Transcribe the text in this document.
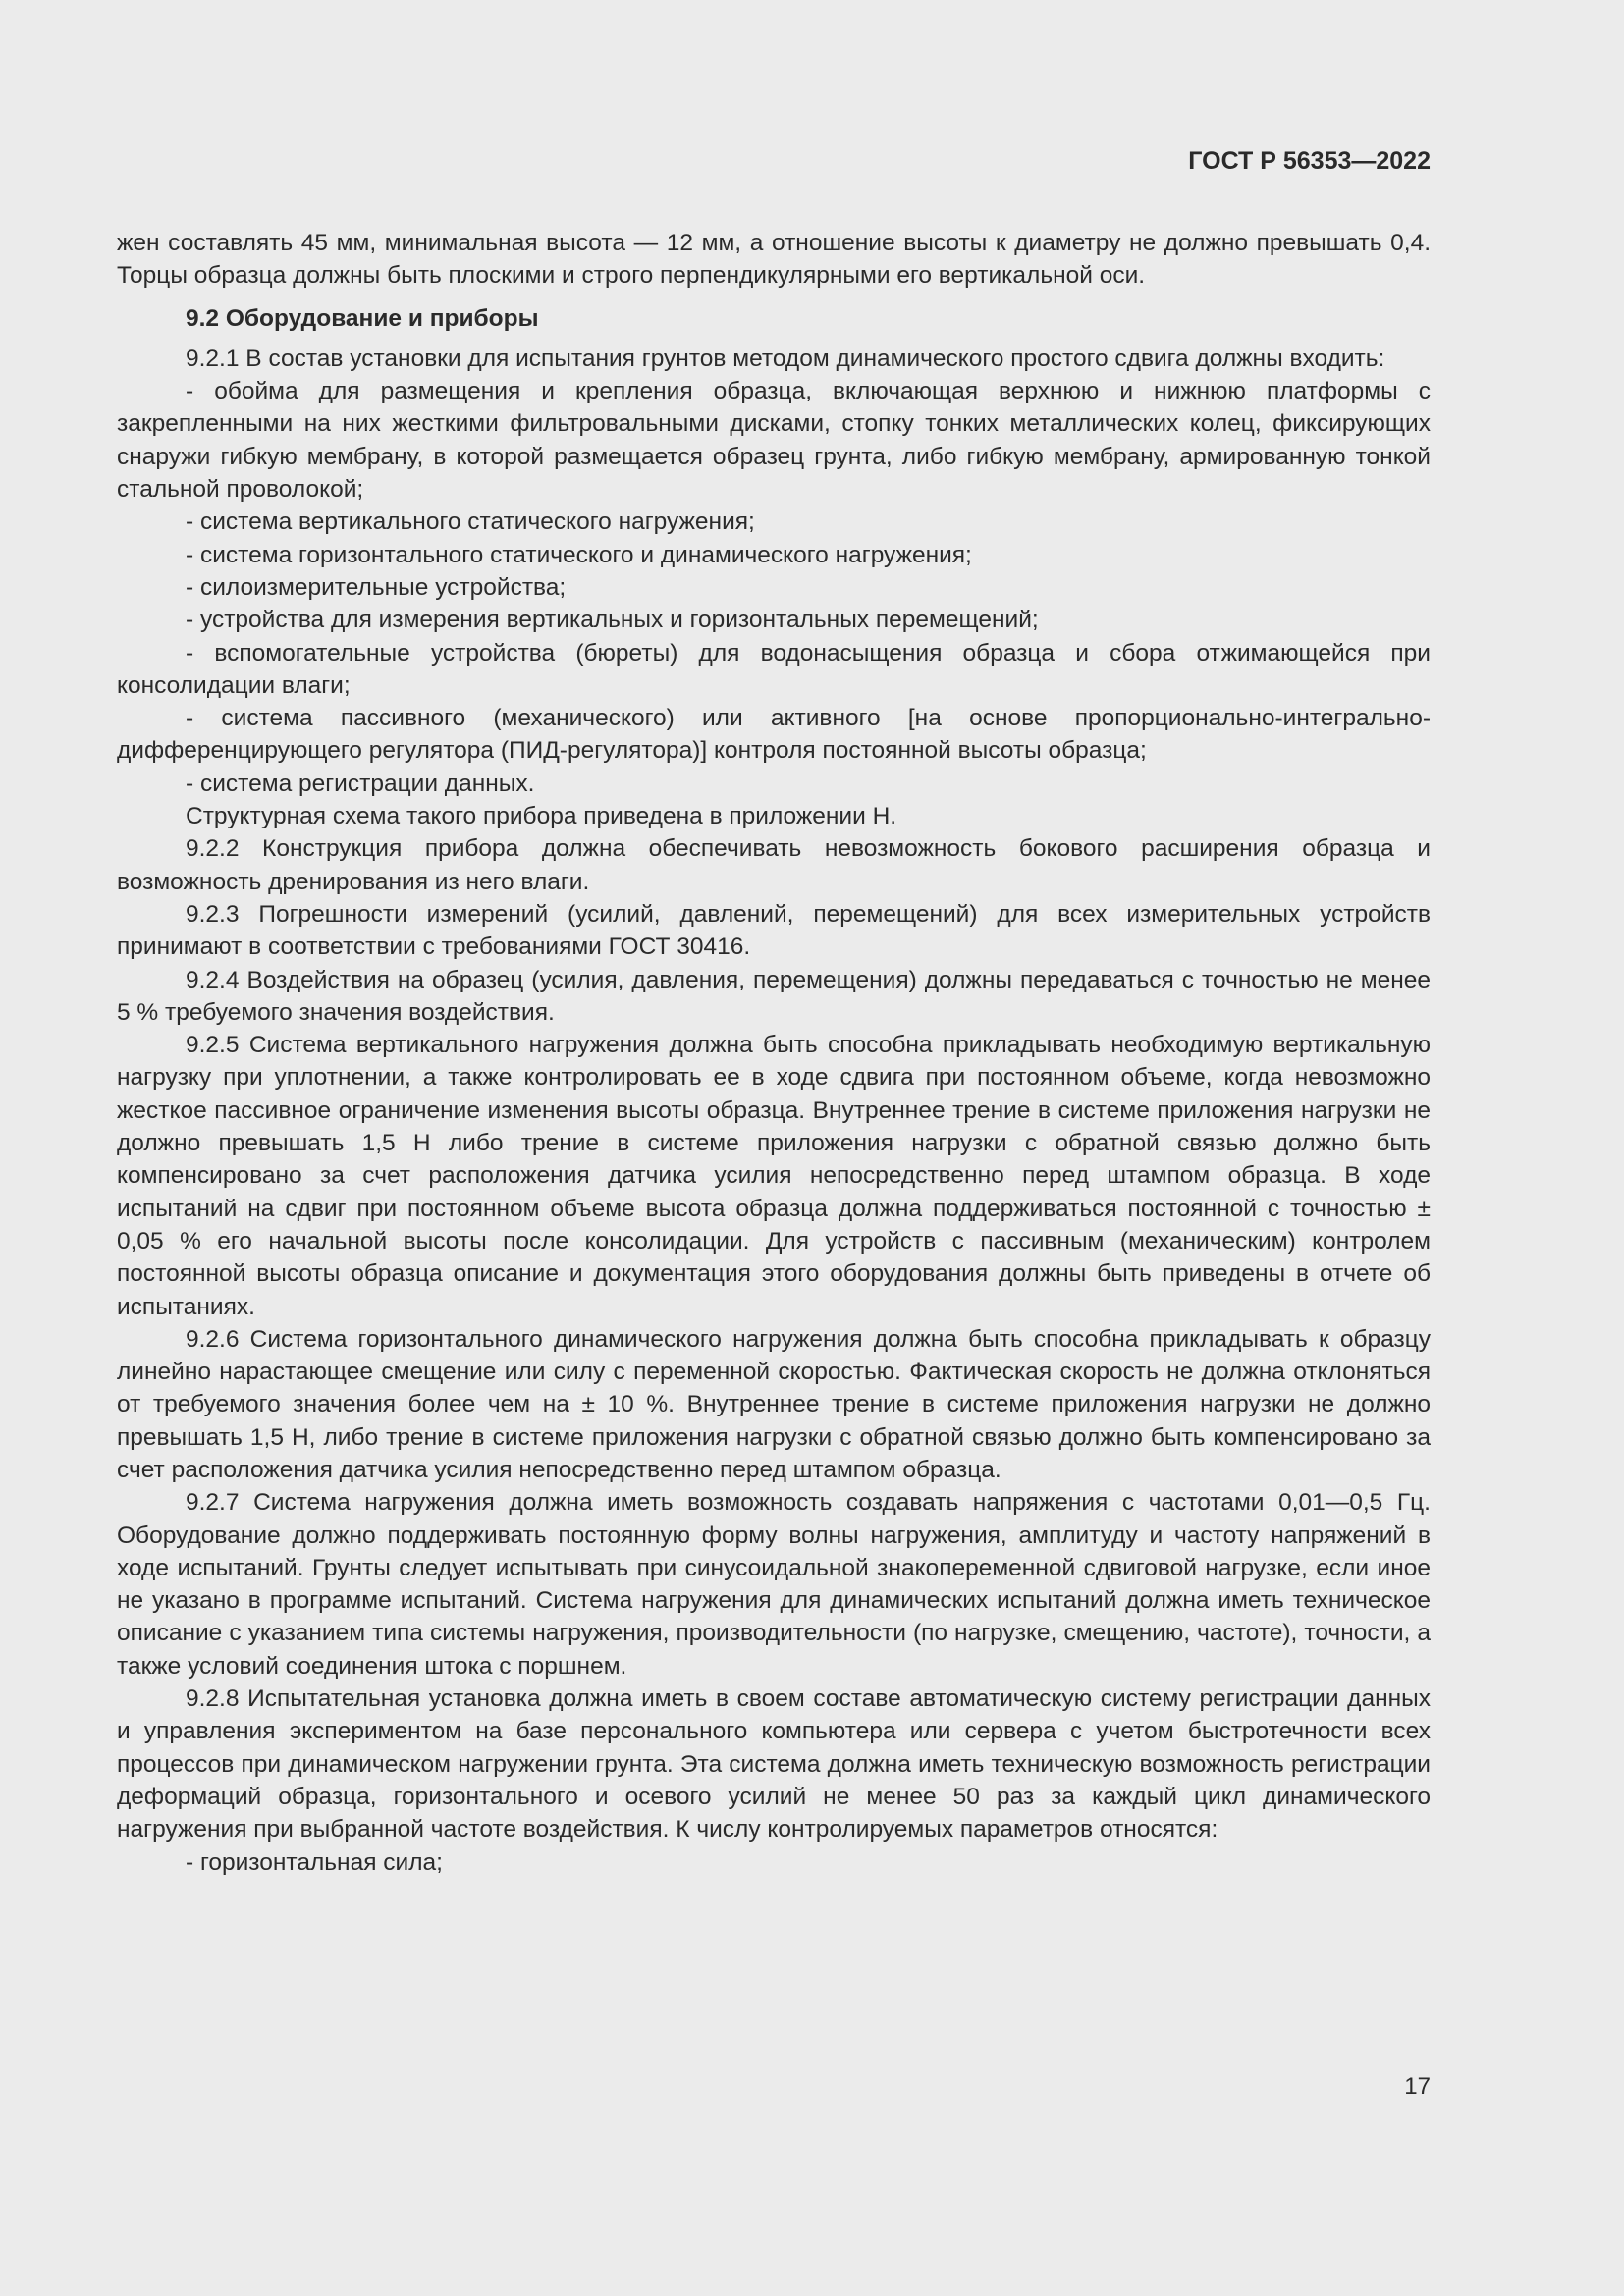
ГОСТ Р 56353—2022

жен составлять 45 мм, минимальная высота — 12 мм, а отношение высоты к диаметру не должно превышать 0,4. Торцы образца должны быть плоскими и строго перпендикулярными его вертикальной оси.

9.2 Оборудование и приборы

9.2.1 В состав установки для испытания грунтов методом динамического простого сдвига должны входить:

- обойма для размещения и крепления образца, включающая верхнюю и нижнюю платформы с закрепленными на них жесткими фильтровальными дисками, стопку тонких металлических колец, фиксирующих снаружи гибкую мембрану, в которой размещается образец грунта, либо гибкую мембрану, армированную тонкой стальной проволокой;

- система вертикального статического нагружения;

- система горизонтального статического и динамического нагружения;

- силоизмерительные устройства;

- устройства для измерения вертикальных и горизонтальных перемещений;

- вспомогательные устройства (бюреты) для водонасыщения образца и сбора отжимающейся при консолидации влаги;

- система пассивного (механического) или активного [на основе пропорционально-интегрально-дифференцирующего регулятора (ПИД-регулятора)] контроля постоянной высоты образца;

- система регистрации данных.

Структурная схема такого прибора приведена в приложении Н.

9.2.2 Конструкция прибора должна обеспечивать невозможность бокового расширения образца и возможность дренирования из него влаги.

9.2.3 Погрешности измерений (усилий, давлений, перемещений) для всех измерительных устройств принимают в соответствии с требованиями ГОСТ 30416.

9.2.4 Воздействия на образец (усилия, давления, перемещения) должны передаваться с точностью не менее 5 % требуемого значения воздействия.

9.2.5 Система вертикального нагружения должна быть способна прикладывать необходимую вертикальную нагрузку при уплотнении, а также контролировать ее в ходе сдвига при постоянном объеме, когда невозможно жесткое пассивное ограничение изменения высоты образца. Внутреннее трение в системе приложения нагрузки не должно превышать 1,5 Н либо трение в системе приложения нагрузки с обратной связью должно быть компенсировано за счет расположения датчика усилия непосредственно перед штампом образца. В ходе испытаний на сдвиг при постоянном объеме высота образца должна поддерживаться постоянной с точностью ± 0,05 % его начальной высоты после консолидации. Для устройств с пассивным (механическим) контролем постоянной высоты образца описание и документация этого оборудования должны быть приведены в отчете об испытаниях.

9.2.6 Система горизонтального динамического нагружения должна быть способна прикладывать к образцу линейно нарастающее смещение или силу с переменной скоростью. Фактическая скорость не должна отклоняться от требуемого значения более чем на ± 10 %. Внутреннее трение в системе приложения нагрузки не должно превышать 1,5 Н, либо трение в системе приложения нагрузки с обратной связью должно быть компенсировано за счет расположения датчика усилия непосредственно перед штампом образца.

9.2.7 Система нагружения должна иметь возможность создавать напряжения с частотами 0,01—0,5 Гц. Оборудование должно поддерживать постоянную форму волны нагружения, амплитуду и частоту напряжений в ходе испытаний. Грунты следует испытывать при синусоидальной знакопеременной сдвиговой нагрузке, если иное не указано в программе испытаний. Система нагружения для динамических испытаний должна иметь техническое описание с указанием типа системы нагружения, производительности (по нагрузке, смещению, частоте), точности, а также условий соединения штока с поршнем.

9.2.8 Испытательная установка должна иметь в своем составе автоматическую систему регистрации данных и управления экспериментом на базе персонального компьютера или сервера с учетом быстротечности всех процессов при динамическом нагружении грунта. Эта система должна иметь техническую возможность регистрации деформаций образца, горизонтального и осевого усилий не менее 50 раз за каждый цикл динамического нагружения при выбранной частоте воздействия. К числу контролируемых параметров относятся:

- горизонтальная сила;

17
